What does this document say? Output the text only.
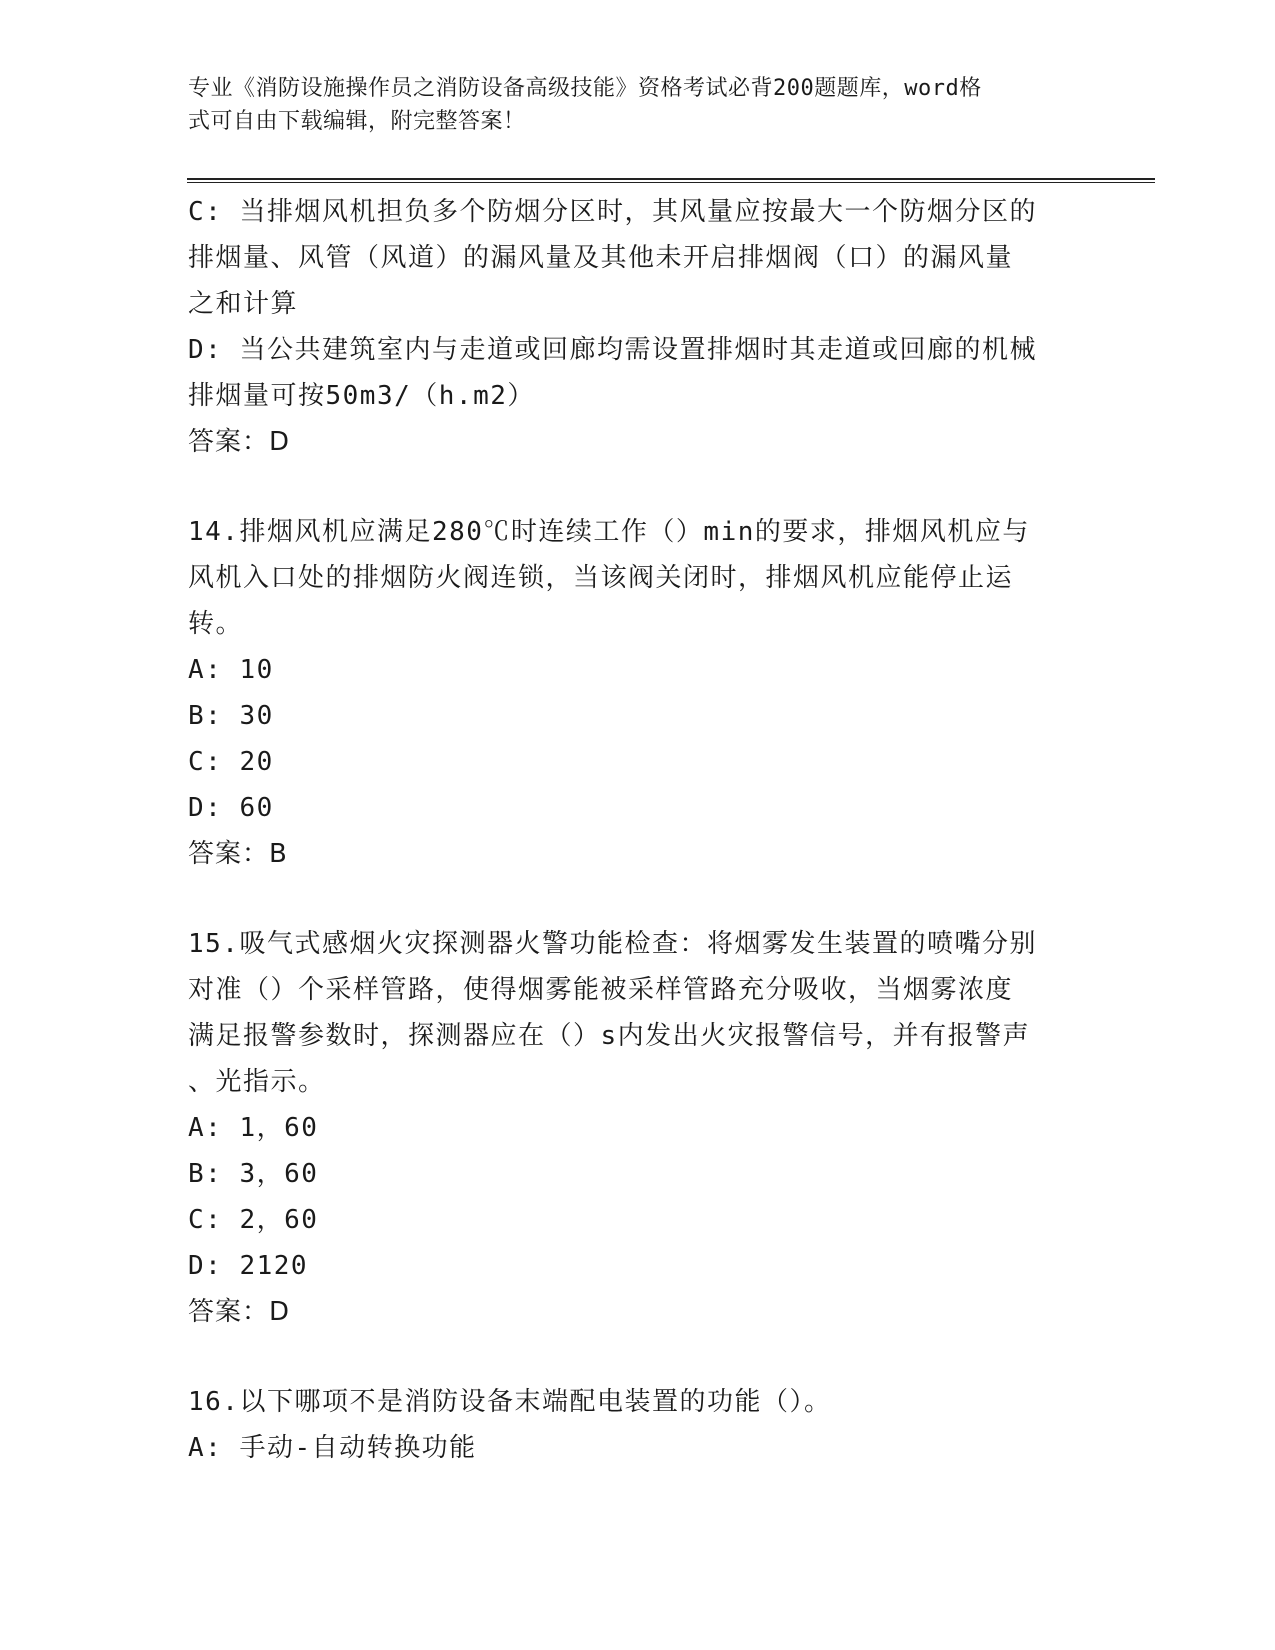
专业《消防设施操作员之消防设备高级技能》资格考试必背200题题库，word格
式可自由下载编辑，附完整答案！
C: 当排烟风机担负多个防烟分区时，其风量应按最大一个防烟分区的
排烟量、风管（风道）的漏风量及其他未开启排烟阀（口）的漏风量
之和计算
D: 当公共建筑室内与走道或回廊均需设置排烟时其走道或回廊的机械
排烟量可按50m3/（h.m2）
答案：D
14.排烟风机应满足280℃时连续工作（）min的要求，排烟风机应与
风机入口处的排烟防火阀连锁，当该阀关闭时，排烟风机应能停止运
转。
A: 10
B: 30
C: 20
D: 60
答案：B
15.吸气式感烟火灾探测器火警功能检查：将烟雾发生装置的喷嘴分别
对准（）个采样管路，使得烟雾能被采样管路充分吸收，当烟雾浓度
满足报警参数时，探测器应在（）s内发出火灾报警信号，并有报警声
、光指示。
A: 1，60
B: 3，60
C: 2，60
D: 2120
答案：D
16.以下哪项不是消防设备末端配电装置的功能（）。
A: 手动-自动转换功能
